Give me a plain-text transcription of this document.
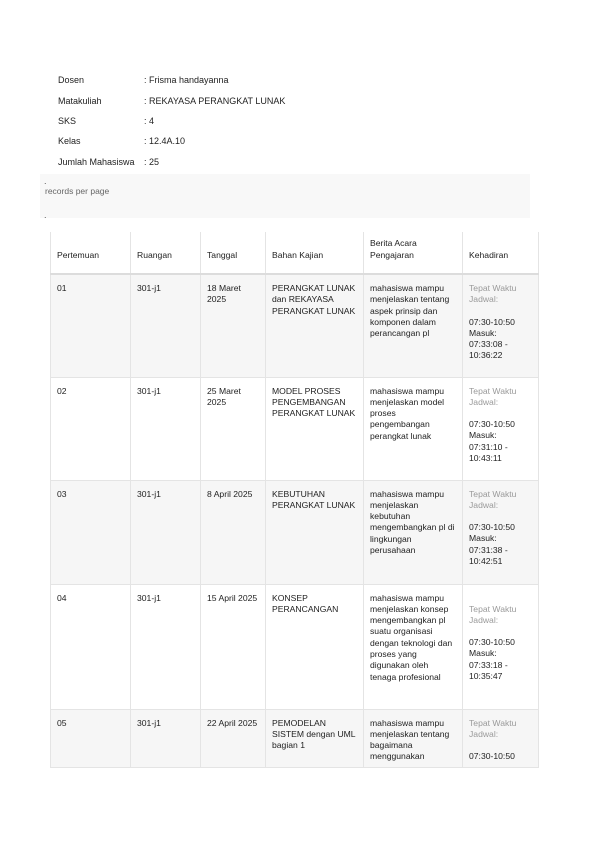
Dosen	: Frisma handayanna
Matakuliah	: REKAYASA PERANGKAT LUNAK
SKS	: 4
Kelas	: 12.4A.10
Jumlah Mahasiswa	: 25
.
records per page
.
Pertemuan	Ruangan	Tanggal	Bahan Kajian	Berita Acara Pengajaran	Kehadiran
01	301-j1	18 Maret 2025	PERANGKAT LUNAK dan REKAYASA PERANGKAT LUNAK	mahasiswa mampu menjelaskan tentang aspek prinsip dan komponen dalam perancangan pl	Tepat Waktu Jadwal:
07:30-10:50
Masuk: 07:33:08 - 10:36:22

02	301-j1	25 Maret 2025	MODEL PROSES PENGEMBANGAN PERANGKAT LUNAK	mahasiswa mampu menjelaskan model proses pengembangan perangkat lunak	Tepat Waktu Jadwal:
07:30-10:50
Masuk: 07:31:10 - 10:43:11

03	301-j1	8 April 2025	KEBUTUHAN PERANGKAT LUNAK	mahasiswa mampu menjelaskan kebutuhan mengembangkan pl di lingkungan perusahaan	Tepat Waktu Jadwal:
07:30-10:50
Masuk: 07:31:38 - 10:42:51

04	301-j1	15 April 2025	KONSEP PERANCANGAN	mahasiswa mampu menjelaskan konsep mengembangkan pl suatu organisasi dengan teknologi dan proses yang digunakan oleh tenaga profesional	Tepat Waktu Jadwal:
07:30-10:50
Masuk: 07:33:18 - 10:35:47

05	301-j1	22 April 2025	PEMODELAN SISTEM dengan UML bagian 1	mahasiswa mampu menjelaskan tentang bagaimana menggunakan	Tepat Waktu Jadwal:
07:30-10:50
